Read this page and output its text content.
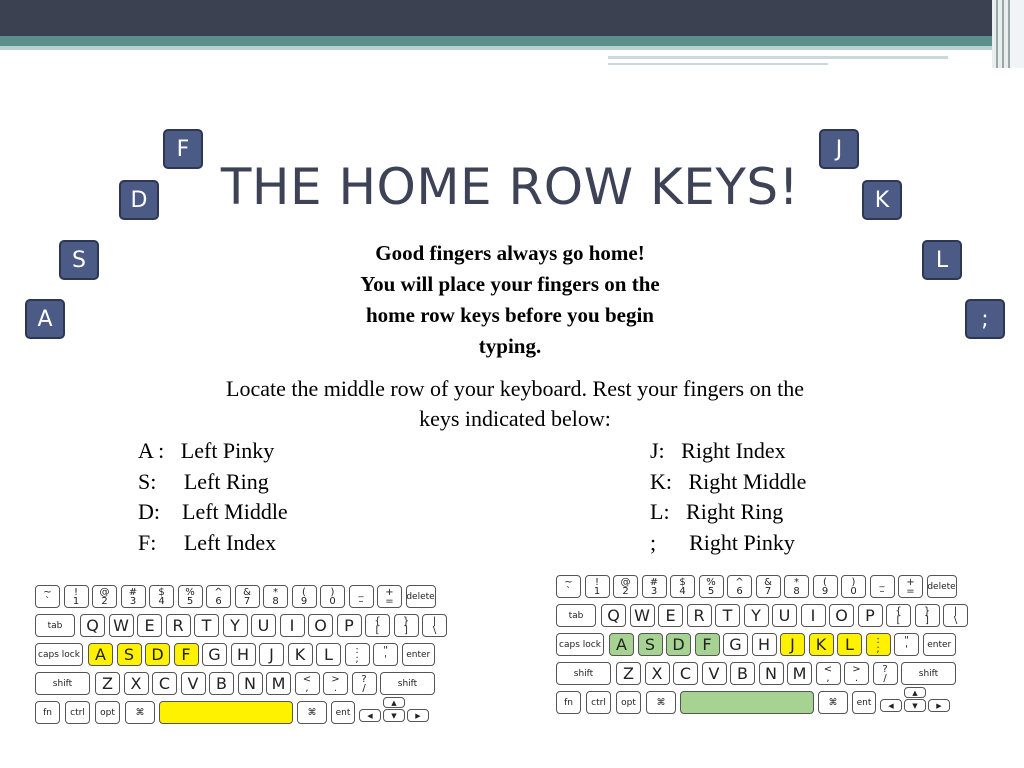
THE HOME ROW KEYS!
F
D
S
A
J
K
L
;
Good fingers always go home!
You will place your fingers on the
home row keys before you begin
typing.
Locate the middle row of your keyboard. Rest your fingers on the
keys indicated below:
A :   Left Pinky
S:     Left Ring
D:    Left Middle
F:     Left Index
J:   Right Index
K:   Right Middle
L:   Right Ring
;      Right Pinky
~
`
!
1
@
2
#
3
$
4
%
5
^
6
&
7
*
8
(
9
)
0
_
–
+
= delete
tab	Q W E	R	T	Y	U	I	O	P	{
[
}
]
|
\
caps lock A	S	D	F	G	H	J	K	L	:
;
"
'	enter
shift	Z	X	C	V	B	N M	<
,
>
.
?
/	shift
fn	ctrl	opt	⌘	⌘	ent	◀
▲
▼	▶
~
`
!
1
@
2
#
3
$
4
%
5
^
6
&
7
*
8
(
9
)
0
_
–
+
= delete
tab	Q W E	R	T	Y	U	I	O	P	{
[
}
]
|
\
caps lock A	S	D	F	G	H	J	K	L	:
;
"
'	enter
shift	Z	X	C	V	B	N M	<
,
>
.
?
/	shift
fn	ctrl	opt	⌘	⌘	ent	◀
▲
▼	▶
